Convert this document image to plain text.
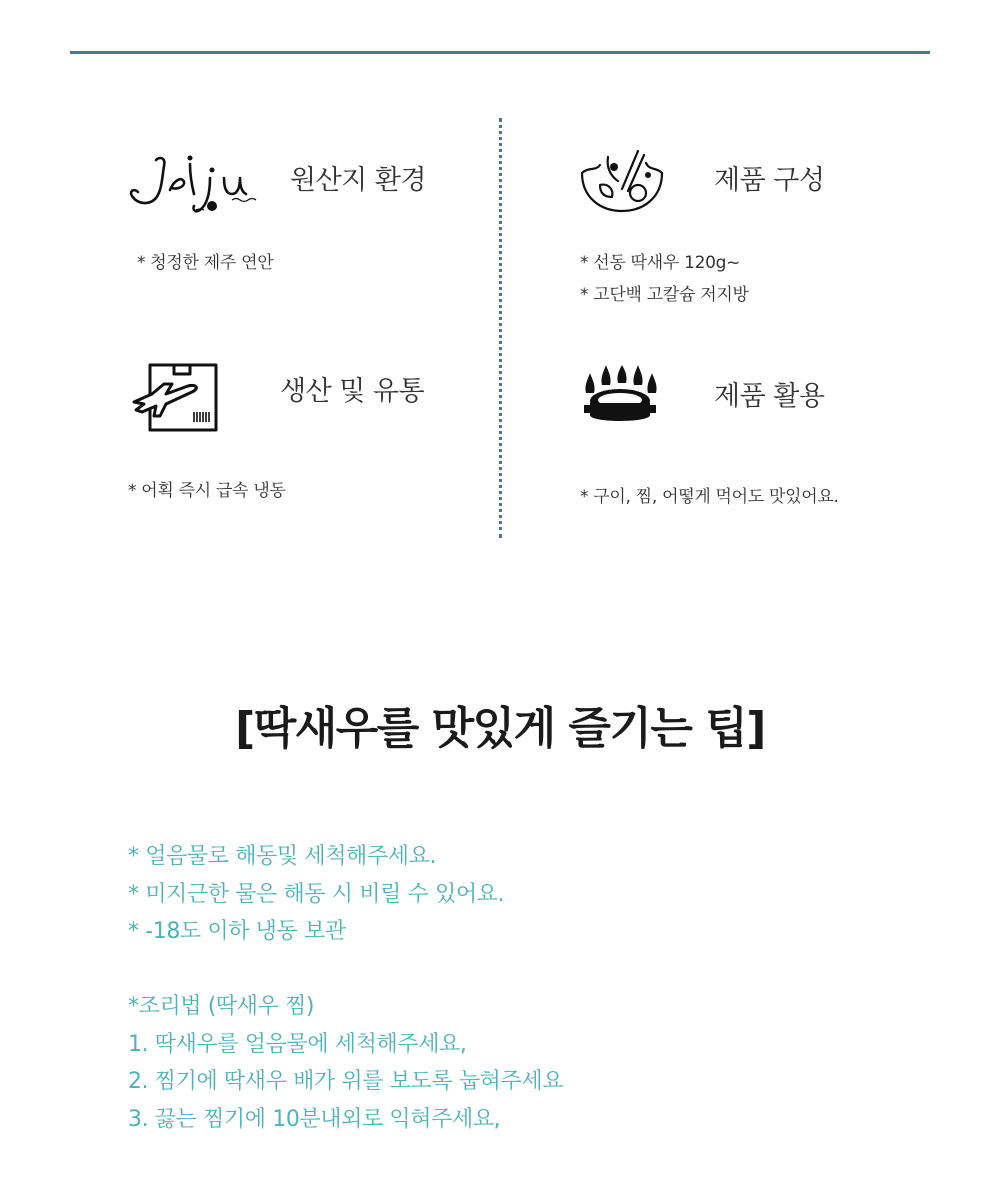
원산지 환경
* 청정한 제주 연안
제품 구성
* 선동 딱새우 120g~
* 고단백 고칼슘 저지방
생산 및 유통
* 어획 즉시 급속 냉동
제품 활용
* 구이, 찜, 어떻게 먹어도 맛있어요.
[딱새우를 맛있게 즐기는 팁]
* 얼음물로 해동및 세척해주세요.
* 미지근한 물은 해동 시 비릴 수 있어요.
* -18도 이하 냉동 보관
*조리법 (딱새우 찜)
1. 딱새우를 얼음물에 세척해주세요,
2. 찜기에 딱새우 배가 위를 보도록 눕혀주세요
3. 끓는 찜기에 10분내외로 익혀주세요,
